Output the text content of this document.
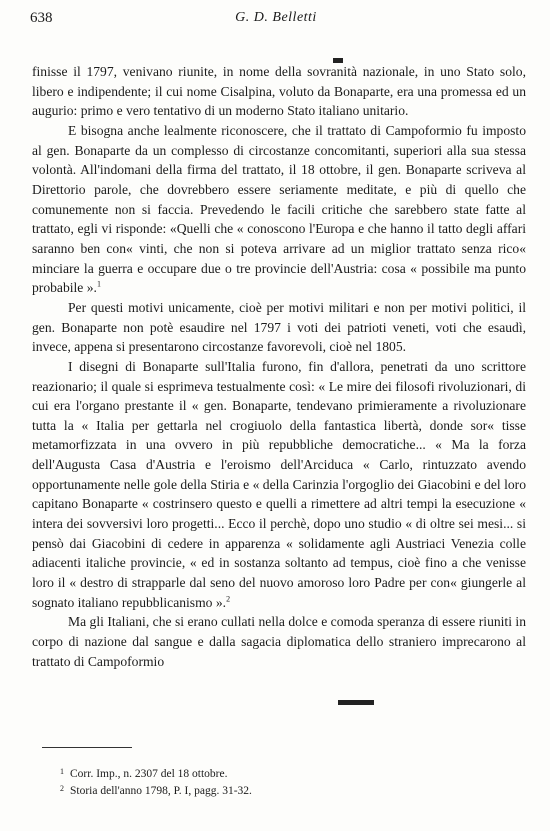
638	G. D. Belletti

finisse il 1797, venivano riunite, in nome della sovranità nazionale, in uno Stato solo, libero e indipendente; il cui nome Cisalpina, voluto da Bonaparte, era una promessa ed un augurio: primo e vero tentativo di un moderno Stato italiano unitario.

E bisogna anche lealmente riconoscere, che il trattato di Campoformio fu imposto al gen. Bonaparte da un complesso di circostanze concomitanti, superiori alla sua stessa volontà. All'indomani della firma del trattato, il 18 ottobre, il gen. Bonaparte scriveva al Direttorio parole, che dovrebbero essere seriamente meditate, e più di quello che comunemente non si faccia. Prevedendo le facili critiche che sarebbero state fatte al trattato, egli vi risponde: «Quelli che « conoscono l'Europa e che hanno il tatto degli affari saranno ben con« vinti, che non si poteva arrivare ad un miglior trattato senza rico« minciare la guerra e occupare due o tre provincie dell'Austria: cosa « possibile ma punto probabile ».$^1$

Per questi motivi unicamente, cioè per motivi militari e non per motivi politici, il gen. Bonaparte non potè esaudire nel 1797 i voti dei patrioti veneti, voti che esaudì, invece, appena si presentarono circostanze favorevoli, cioè nel 1805.

I disegni di Bonaparte sull'Italia furono, fin d'allora, penetrati da uno scrittore reazionario; il quale si esprimeva testualmente così: « Le mire dei filosofi rivoluzionari, di cui era l'organo prestante il « gen. Bonaparte, tendevano primieramente a rivoluzionare tutta la « Italia per gettarla nel crogiuolo della fantastica libertà, donde sor« tisse metamorfizzata in una ovvero in più repubbliche democratiche... « Ma la forza dell'Augusta Casa d'Austria e l'eroismo dell'Arciduca « Carlo, rintuzzato avendo opportunamente nelle gole della Stiria e « della Carinzia l'orgoglio dei Giacobini e del loro capitano Bonaparte « costrinsero questo e quelli a rimettere ad altri tempi la esecuzione « intera dei sovversivi loro progetti... Ecco il perchè, dopo uno studio « di oltre sei mesi... si pensò dai Giacobini di cedere in apparenza « solidamente agli Austriaci Venezia colle adiacenti italiche provincie, « ed in sostanza soltanto ad tempus, cioè fino a che venisse loro il « destro di strapparle dal seno del nuovo amoroso loro Padre per con« giungerle al sognato italiano repubblicanismo ».$^2$

Ma gli Italiani, che si erano cullati nella dolce e comoda speranza di essere riuniti in corpo di nazione dal sangue e dalla sagacia diplomatica dello straniero imprecarono al trattato di Campoformio

$^1$ Corr. Imp., n. 2307 del 18 ottobre.
$^2$ Storia dell'anno 1798, P. I, pagg. 31-32.
